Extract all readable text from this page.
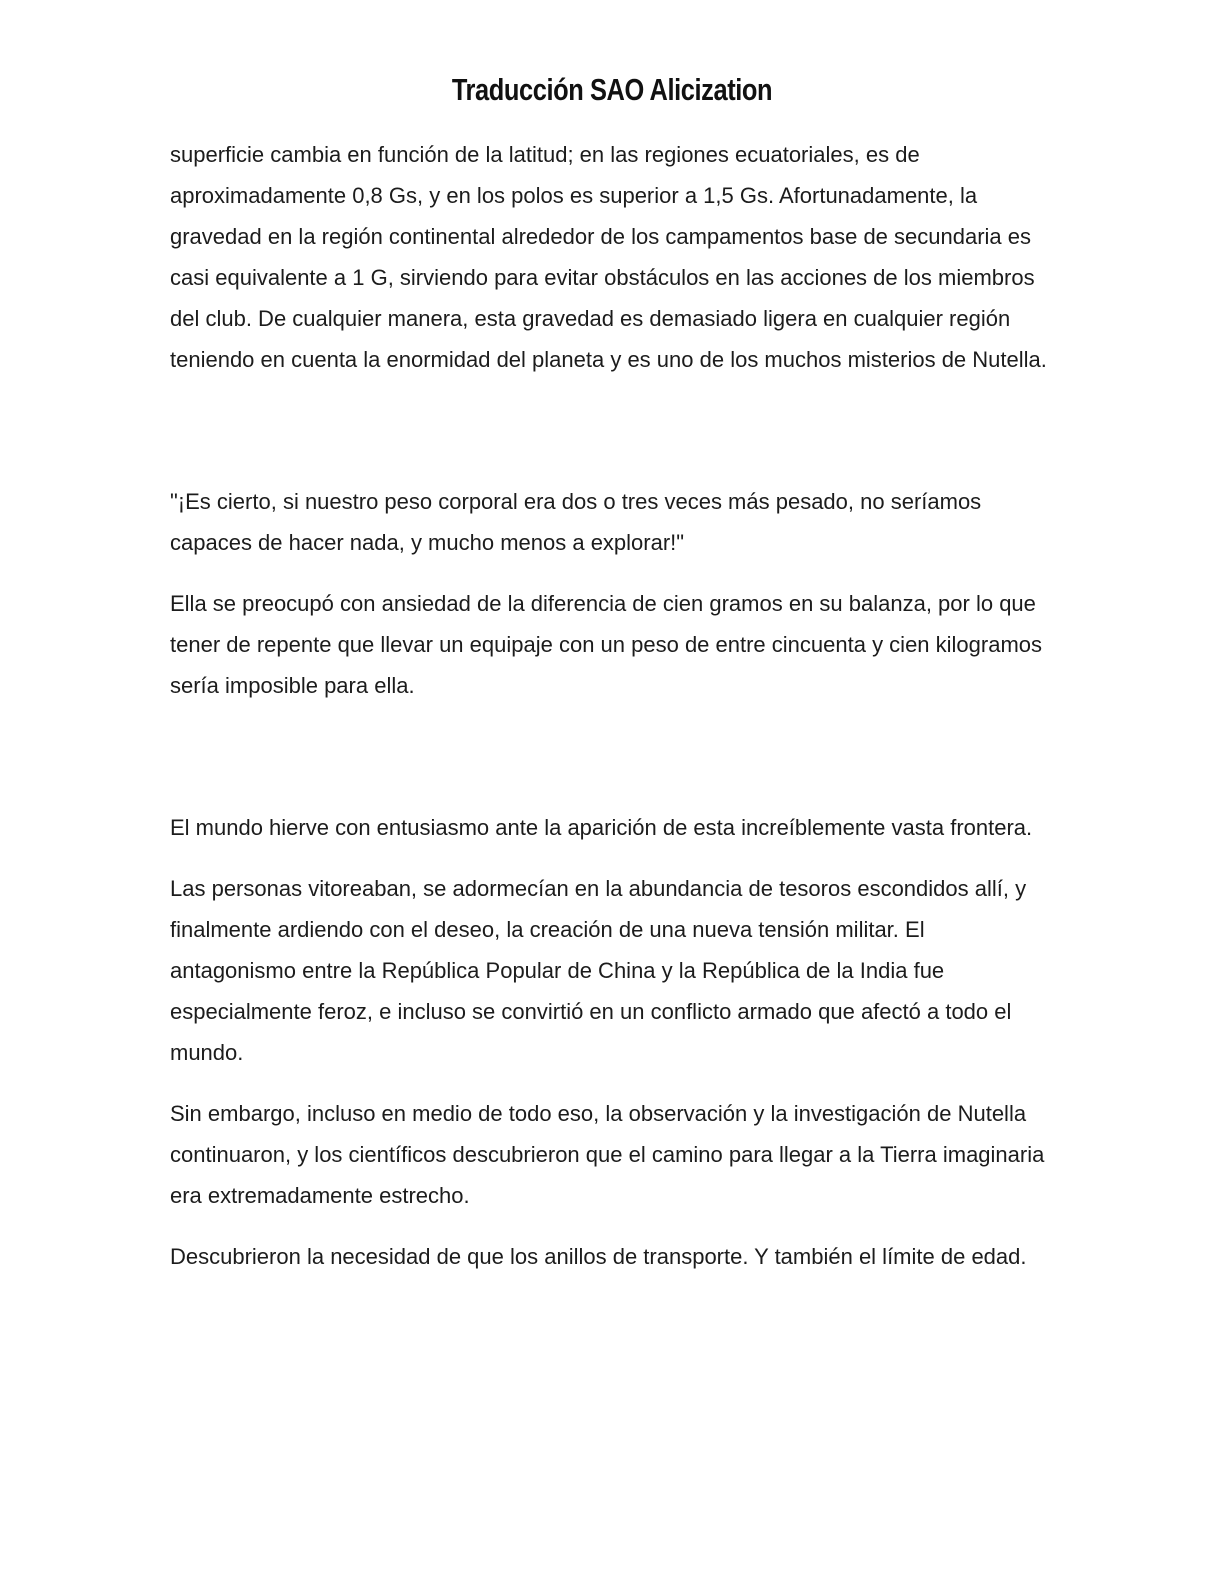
Traducción SAO Alicization

superficie cambia en función de la latitud; en las regiones ecuatoriales, es de aproximadamente 0,8 Gs, y en los polos es superior a 1,5 Gs. Afortunadamente, la gravedad en la región continental alrededor de los campamentos base de secundaria es casi equivalente a 1 G, sirviendo para evitar obstáculos en las acciones de los miembros del club. De cualquier manera, esta gravedad es demasiado ligera en cualquier región teniendo en cuenta la enormidad del planeta y es uno de los muchos misterios de Nutella.

"¡Es cierto, si nuestro peso corporal era dos o tres veces más pesado, no seríamos capaces de hacer nada, y mucho menos a explorar!"

Ella se preocupó con ansiedad de la diferencia de cien gramos en su balanza, por lo que tener de repente que llevar un equipaje con un peso de entre cincuenta y cien kilogramos sería imposible para ella.

El mundo hierve con entusiasmo ante la aparición de esta increíblemente vasta frontera.

Las personas vitoreaban, se adormecían en la abundancia de tesoros escondidos allí, y finalmente ardiendo con el deseo, la creación de una nueva tensión militar. El antagonismo entre la República Popular de China y la República de la India fue especialmente feroz, e incluso se convirtió en un conflicto armado que afectó a todo el mundo.

Sin embargo, incluso en medio de todo eso, la observación y la investigación de Nutella continuaron, y los científicos descubrieron que el camino para llegar a la Tierra imaginaria era extremadamente estrecho.

Descubrieron la necesidad de que los anillos de transporte. Y también el límite de edad.
